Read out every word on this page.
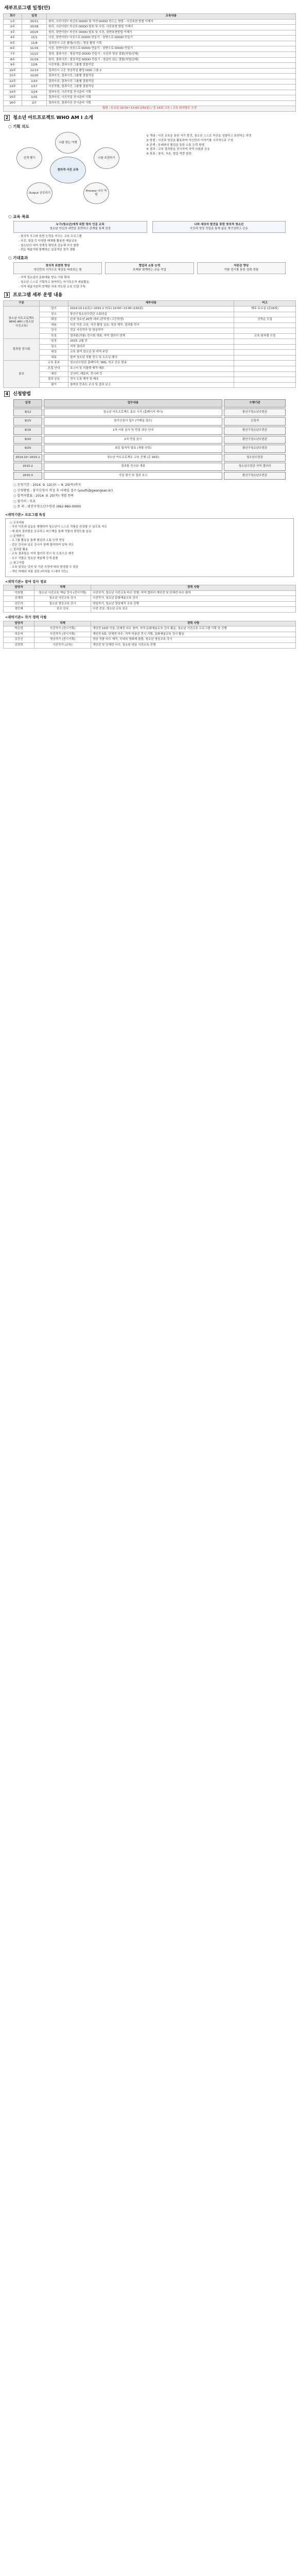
세부프로그램 일정(안)
회수	일정	교육내용
1주	10/11	원리, 사진이란? 자신의 OOOO 및 자연 OOOO 만드는 방법 - 사진표현 방법 이해기
2주	10/18	원리, 사진이란? 자신의 OOOO 발표 및 사진, 사진표현 방법 이해기
3주	10/25	원리, 장면이란? 자신의 OOOO 발표 및 사진, 장면표현방법 이해기
4주	11/1	사진, 장면이란? 사진으로 OOOO 만들기 : 장면으로 OOOO 만들기
5주	11/8	결과전시 고등 촬영(사진) : 영상 촬영 기획
6주	11/15	사진, 장면이란? 사진으로 OOOO 만들기 : 장면으로 OOOO 만들기
7주	11/22	결과, 결과사진 : 영상작업 OOOO 만들기 : 사진과 영상 결합(자명/감제)
8주	11/29	원리, 결과사진 : 영상작업 OOOO 만들기 : 영상이 있는 결합(자명/감제)
9주	12/6	사진작품, 결과사진 그룹별 결합작업
10주	12/13	결과전시 고등 영상작업 촬영 OOO 그룹 2
11주	12/20	결과사진, 결과사진 그룹별 결합작업
12주	1/10	결과사진, 결과사진 그룹별 결합작업
13주	1/17	사진작품, 결과사진 그룹별 결합작업
14주	1/24	결과사진, 사진작업 전시준비 기획
15주	1/31	결과사진, 사진작업 전시준비 기획
16주	2/7	결과사진, 결과사진 전시준비 기획
월평 : 토요일 10:00~13:00 (150분) / 총 16회 교육 / 교육 회차별로 수정		
2 청소년 아트프로젝트 WHO AM I 소개
○ 기획 의도
창의적 사진 교육
나를 찾는 여행
관계 맺기	나를 표현하기
Output 공유하기
Process 나의 역할
① 개념 : 사진 교육을 통한 자기 발견, 청소년 스스로 자신을 성찰하고 표현하는 과정
② 방법 : 사진과 영상을 활용하여 자신만의 이야기를 시각적으로 구성
③ 관계 : 또래와의 협업을 통한 소통 능력 함양
④ 결과 : 교육 결과물을 전시하여 지역 사회와 공유
⑤ 목표 : 창의, 자존, 협업 역량 함양
○ 교육 목표
누구(청소년)에게 위한 창의 인문 교육
청소년 자신의 내면을 표현하고 관계를 통해 성장
나와 세상의 발견을 통한 창의적 청소년
사진과 영상 작업을 통해 삶을 재구성하고 공유
- 창의적 사고와 표현 능력을 키우는 교육 프로그램
- 사진, 영상 등 다양한 매체를 활용한 예술교육
- 청소년의 자아 정체성 형성과 공동체 의식 함양
- 전문 예술가와 함께하는 실질적인 창작 경험
○ 기대효과
창의적 표현력 향상
자신만의 시각으로 세상을 바라보는 힘
협업과 소통 능력
또래와 함께하는 공동 작업
자존감 향상
작품 전시를 통한 성취 경험
- 지역 청소년의 문화예술 향유 기회 확대
- 청소년 스스로 기획하고 참여하는 자기주도적 예술활동
- 지역 예술기관과 연계한 지속 가능한 교육 모델 구축
3 프로그램 세부 운영 내용
구분		세부내용	비고
청소년 아트프로젝트 WHO AM I (청소년 사진교육)	일시	2014.10.11(토)~2015.2.7(토) 10:00~13:00 (150분)	매주 토요일 (총16회)
	장소	광산구청소년수련관 소회의실	
	대상	관내 청소년 20명 내외 (중학생~고등학생)	선착순 모집
	내용	사진 이론 교육, 사진 촬영 실습, 영상 제작, 결과물 전시	
	강사	전문 사진작가 및 영상작가	
	특징	결과물(작품) 전시회 개최, 지역 갤러리 연계	교육 회차별 수정
결과물 전시회	일정	2015. 2월 중	
	장소	지역 갤러리	
	대상	교육 참여 청소년 및 지역 주민	
	내용	참여 청소년 작품 전시 및 오프닝 행사	
홍보	교육 홍보	청소년수련관 홈페이지, SNS, 학교 공문 발송	
	모집 안내	포스터 및 리플렛 제작 배포	
	예산	강사비, 재료비, 전시비 등	
	결과 공유	전시 도록 제작 및 배포	
	평가	참여자 만족도 조사 및 결과 보고	
4 신청방법
일정	업무내용	수행기관
9/12	청소년 아트프로젝트 홍보 시작 (홈페이지 게시)	광산구청소년수련관
9/15	참가신청서 접수 (이메일 접수)	신청자
9/16	1차 서류 심사 및 면접 대상 안내	광산구청소년수련관
9/20	2차 면접 심사	광산구청소년수련관
9/25	최종 합격자 발표 (개별 연락)	광산구청소년수련관
2014.10~2015.1	청소년 아트프로젝트 교육 진행 (총 16회)	청소년수련관
2015.2	결과물 전시회 개최	청소년수련관 지역 갤러리
2015.3	사업 평가 및 결과 보고	광산구청소년수련관
○ 신청기간 : 2014. 9. 12(금) ~ 9. 25(목)까지
○ 신청방법 : 참가신청서 작성 후 이메일 접수 (youth@gwangsan.kr)
○ 합격자발표 : 2014. 9. 25(목) 개별 연락
○ 참가비 : 무료
○ 문 의 : 광산구청소년수련관 (062-960-0000)
<위탁기관> 프로그램 특징
○ 교육내용
- 사진 이론과 실습을 병행하여 청소년이 스스로 작품을 완성할 수 있도록 지도
- 매 회차 결과물을 공유하고 피드백을 통해 작품의 완성도를 높임
○ 운영방식
- 소그룹 활동을 통해 협업과 소통 능력 향상
- 전문 강사와 보조 강사가 함께 참여하여 밀착 지도
○ 결과물 활용
- 교육 결과물은 지역 갤러리 전시 및 도록으로 제작
- 우수 작품은 청소년 예술제 등에 출품
○ 참고사항
- 교육 일정은 강사 및 기관 사정에 따라 변경될 수 있음
- 개인 카메라 지참 권장 (미지참 시 대여 가능)
<위탁기관> 참여 강사 정보
담당자	직책	경력 사항
이희범	청소년 사진교육 책임 강사 (전시기획)	사진작가, 청소년 사진교육 다수 진행, 지역 갤러리 개인전 및 단체전 다수 참여
김재희	청소년 사진교육 강사	사진작가, 청소년 문화예술교육 강사
김민지	청소년 영상교육 강사	영상작가, 청소년 영상제작 교육 진행
정민혜	보조 강사	사진 전공, 청소년 교육 보조
<위탁기관> 작가 경력 사항
담당자	직책	경력 사항
박은영	사진작가 (전시기획)	개인전 10회 이상, 단체전 다수 참여, 지역 문화예술교육 강사 활동, 청소년 사진교육 프로그램 기획 및 진행
허은비	사진작가 (전시기획)	개인전 5회, 단체전 다수, 지역 미술관 전시 기획, 문화예술교육 강사 활동
김진선	영상작가 (전시기획)	영상 작품 다수 제작, 국내외 영화제 출품, 청소년 영상교육 강사
김현희	사진작가 (교육)	개인전 및 단체전 다수, 청소년 대상 사진교육 진행
